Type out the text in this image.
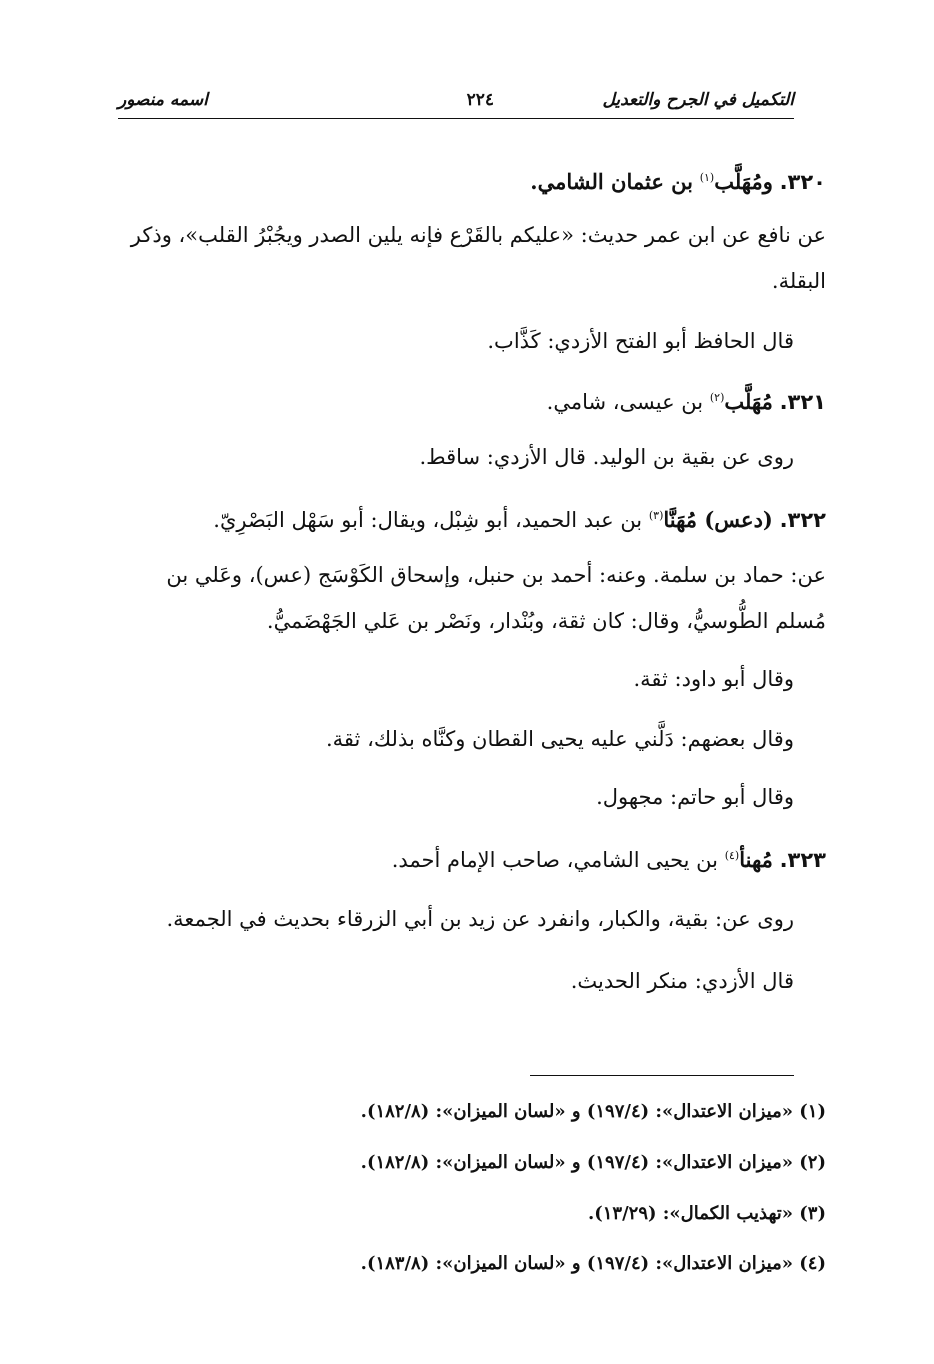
التكميل في الجرح والتعديل
٢٢٤
اسمه منصور
٣٢٠. ومُهَلَّب$^{(١)}$ بن عثمان الشامي.
عن نافع عن ابن عمر حديث: «عليكم بالقَرْع فإنه يلين الصدر ويجُبْرُ القلب»، وذكر البقلة.
قال الحافظ أبو الفتح الأزدي: كَذَّاب.
٣٢١. مُهَلَّب$^{(٢)}$ بن عيسى، شامي.
روى عن بقية بن الوليد. قال الأزدي: ساقط.
٣٢٢. (دعس) مُهَنَّا$^{(٣)}$ بن عبد الحميد، أبو شِبْل، ويقال: أبو سَهْل البَصْرِيّ.
عن: حماد بن سلمة. وعنه: أحمد بن حنبل، وإسحاق الكَوْسَج (عس)، وعَلي بن مُسلم الطُّوسيُّ، وقال: كان ثقة، وبُنْدار، ونَصْر بن عَلي الجَهْضَميُّ.
وقال أبو داود: ثقة.
وقال بعضهم: دَلَّني عليه يحيى القطان وكنَّاه بذلك، ثقة.
وقال أبو حاتم: مجهول.
٣٢٣. مُهنأ$^{(٤)}$ بن يحيى الشامي، صاحب الإمام أحمد.
روى عن: بقية، والكبار، وانفرد عن زيد بن أبي الزرقاء بحديث في الجمعة.
قال الأزدي: منكر الحديث.
(١) «ميزان الاعتدال»: (١٩٧/٤) و «لسان الميزان»: (١٨٢/٨).
(٢) «ميزان الاعتدال»: (١٩٧/٤) و «لسان الميزان»: (١٨٢/٨).
(٣) «تهذيب الكمال»: (١٣/٢٩).
(٤) «ميزان الاعتدال»: (١٩٧/٤) و «لسان الميزان»: (١٨٣/٨).
